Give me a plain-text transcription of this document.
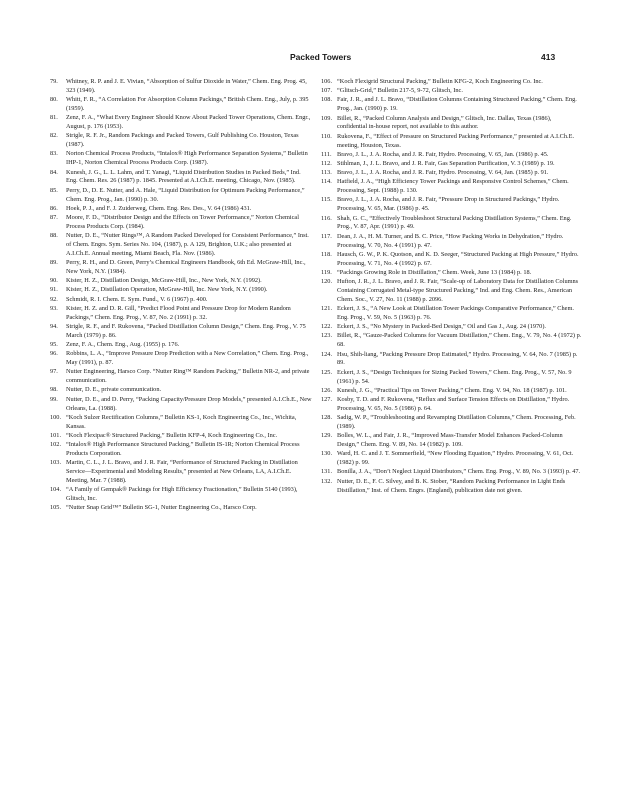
Packed Towers	413
79.	Whitney, R. P. and J. E. Vivian, “Absorption of Sulfur Dioxide in Water,” Chem. Eng. Prog. 45, 323 (1949).
80.	Whitt, F. R., “A Correlation For Absorption Column Packings,” British Chem. Eng., July, p. 395 (1959).
81.	Zenz, F. A., “What Every Engineer Should Know About Packed Tower Operations, Chem. Engr., August, p. 176 (1953).
82.	Strigle, R. F. Jr., Random Packings and Packed Towers, Gulf Publishing Co. Houston, Texas (1987).
83.	Norton Chemical Process Products, “Intalox® High Performance Separation Systems,” Bulletin IHP-1, Norton Chemical Process Products Corp. (1987).
84.	Kunesh, J. G., L. L. Lahm, and T. Yanagi, “Liquid Distribution Studies in Packed Beds,” Ind. Eng. Chem. Res. 26 (1987) p. 1845. Presented at A.I.Ch.E. meeting, Chicago, Nov. (1985).
85.	Perry, D., D. E. Nutter, and A. Hale, “Liquid Distribution for Optimum Packing Performance,” Chem. Eng. Prog., Jan. (1990) p. 30.
86.	Hoek, P. J., and F. J. Zuiderweg, Chem. Eng. Res. Des., V. 64 (1986) 431.
87.	Moore, F. D., “Distributor Design and the Effects on Tower Performance,” Norton Chemical Process Products Corp. (1984).
88.	Nutter, D. E., “Nutter Rings™, A Random Packed Developed for Consistent Performance,” Inst. of Chem. Engrs. Sym. Series No. 104, (1987), p. A 129, Brighton, U.K.; also presented at A.I.Ch.E. Annual meeting, Miami Beach, Fla. Nov. (1986).
89.	Perry, R. H., and D. Green, Perry’s Chemical Engineers Handbook, 6th Ed. McGraw-Hill, Inc., New York, N.Y. (1984).
90.	Kister, H. Z., Distillation Design, McGraw-Hill, Inc., New York, N.Y. (1992).
91.	Kister, H. Z., Distillation Operation, McGraw-Hill, Inc. New York, N.Y. (1990).
92.	Schmidt, R. I. Chem. E. Sym. Fund., V. 6 (1967) p. 400.
93.	Kister, H. Z. and D. R. Gill, “Predict Flood Point and Pressure Drop for Modern Random Packings,” Chem. Eng. Prog., V. 87, No. 2 (1991) p. 32.
94.	Strigle, R. F., and F. Rukovena, “Packed Distillation Column Design,” Chem. Eng. Prog., V. 75 March (1979) p. 86.
95.	Zenz, F. A., Chem. Eng., Aug. (1955) p. 176.
96.	Robbins, L. A., “Improve Pressure Drop Prediction with a New Correlation,” Chem. Eng. Prog., May (1991), p. 87.
97.	Nutter Engineering, Harsco Corp. “Nutter Ring™ Random Packing,” Bulletin NR-2, and private communication.
98.	Nutter, D. E., private communication.
99.	Nutter, D. E., and D. Perry, “Packing Capacity/Pressure Drop Models,” presented A.I.Ch.E., New Orleans, La. (1988).
100. “Koch Sulzer Rectification Columns,” Bulletin KS-1, Koch Engineering Co., Inc., Wichita, Kansas.
101. “Koch Flexipac® Structured Packing,” Bulletin KFP-4, Koch Engineering Co., Inc.
102. “Intalox® High Performance Structured Packing,” Bulletin IS-1R; Norton Chemical Process Products Corporation.
103. Martin, C. L., J. L. Bravo, and J. R. Fair, “Performance of Structured Packing in Distillation Service—Experimental and Modeling Results,” presented at New Orleans, LA, A.I.Ch.E. Meeting, Mar. 7 (1988).
104. “A Family of Gempak® Packings for High Efficiency Fractionation,” Bulletin 5140 (1993), Glitsch, Inc.
105. “Nutter Snap Grid™” Bulletin SG-1, Nutter Engineering Co., Harsco Corp.
106. “Koch Flexigrid Structural Packing,” Bulletin KFG-2, Koch Engineering Co. Inc.
107. “Glitsch-Grid,” Bulletin 217-5, 9-72, Glitsch, Inc.
108. Fair, J. R., and J. L. Bravo, “Distillation Columns Containing Structured Packing,” Chem. Eng. Prog., Jan. (1990) p. 19.
109. Billet, R., “Packed Column Analysis and Design,” Glitsch, Inc. Dallas, Texas (1986), confidential in-house report, not available to this author.
110. Rukovena, F., “Effect of Pressure on Structured Packing Performance,” presented at A.I.Ch.E. meeting, Houston, Texas.
111. Bravo, J. L., J. A. Rocha, and J. R. Fair, Hydro. Processing, V. 65, Jan. (1986) p. 45.
112. Stihlman, J., J. L. Bravo, and J. R. Fair, Gas Separation Purification, V. 3 (1989) p. 19.
113. Bravo, J. L., J. A. Rocha, and J. R. Fair, Hydro. Processing, V. 64, Jan. (1985) p. 91.
114. Hatfield, J. A., “High Efficiency Tower Packings and Responsive Control Schemes,” Chem. Processing, Sept. (1988) p. 130.
115. Bravo, J. L., J. A. Rocha, and J. R. Fair, “Pressure Drop in Structured Packings,” Hydro. Processing, V. 65, Mar. (1986) p. 45.
116. Shah, G. C., “Effectively Troubleshoot Structural Packing Distillation Systems,” Chem. Eng. Prog., V. 87, Apr. (1991) p. 49.
117. Dean, J. A., H. M. Turner, and B. C. Price, “How Packing Works in Dehydration,” Hydro. Processing, V. 70, No. 4 (1991) p. 47.
118. Hausch, G. W., P. K. Quotson, and K. D. Seeger, “Structured Packing at High Pressure,” Hydro. Processing, V. 71, No. 4 (1992) p. 67.
119. “Packings Growing Role in Distillation,” Chem. Week, June 13 (1984) p. 18.
120. Hufton, J. R., J. L. Bravo, and J. R. Fair, “Scale-up of Laboratory Data for Distillation Columns Containing Corrugated Metal-type Structured Packing,” Ind. and Eng. Chem. Res., American Chem. Soc., V. 27, No. 11 (1988) p. 2096.
121. Eckert, J. S., “A New Look at Distillation Tower Packings Comparative Performance,” Chem. Eng. Prog., V. 59, No. 5 (1963) p. 76.
122. Eckert, J. S., “No Mystery in Packed-Bed Design,” Oil and Gas J., Aug. 24 (1970).
123. Billet, R., “Gauze-Packed Columns for Vacuum Distillation,” Chem. Eng., V. 79, No. 4 (1972) p. 68.
124. Hsu, Shih-liang, “Packing Pressure Drop Estimated,” Hydro. Processing, V. 64, No. 7 (1985) p. 89.
125. Eckert, J. S., “Design Techniques for Sizing Packed Towers,” Chem. Eng. Prog., V. 57, No. 9 (1961) p. 54.
126. Kunesh, J. G., “Practical Tips on Tower Packing,” Chem. Eng. V. 94, No. 18 (1987) p. 101.
127. Kosby, T. D. and F. Rukovena, “Reflux and Surface Tension Effects on Distillation,” Hydro. Processing, V. 65, No. 5 (1986) p. 64.
128. Sadig, W. P., “Troubleshooting and Revamping Distillation Columns,” Chem. Processing, Feb. (1989).
129. Bolles, W. L., and Fair, J. R., “Improved Mass-Transfer Model Enhances Packed-Column Design,” Chem. Eng. V. 89, No. 14 (1982) p. 109.
130. Ward, H. C. and J. T. Sommerfield, “New Flooding Equation,” Hydro. Processing, V. 61, Oct. (1982) p. 99.
131. Bonilla, J. A., “Don’t Neglect Liquid Distributors,” Chem. Eng. Prog., V. 89, No. 3 (1993) p. 47.
132. Nutter, D. E., F. C. Silvey, and B. K. Stober, “Random Packing Performance in Light Ends Distillation,” Inst. of Chem. Engrs. (England), publication date not given.
